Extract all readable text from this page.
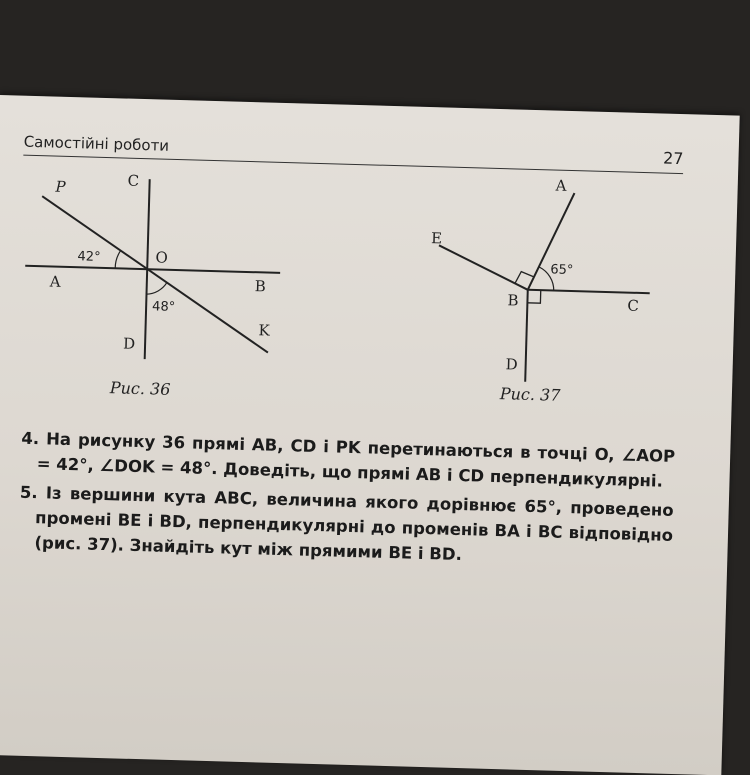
Самостійні роботи
27
P	C
O
A	B
K
D
42°
48°
Рис. 36
A
E
B	C
D
65°
Рис. 37

4. На рисунку 36 прямі AB, CD і PK перетинаються в точці O, ∠AOP = 42°, ∠DOK = 48°. Доведіть, що прямі AB і CD перпендикулярні.

5. Із вершини кута ABC, величина якого дорівнює 65°, проведено промені BE і BD, перпендикулярні до променів BA і BC відповідно (рис. 37). Знайдіть кут між прямими BE і BD.
